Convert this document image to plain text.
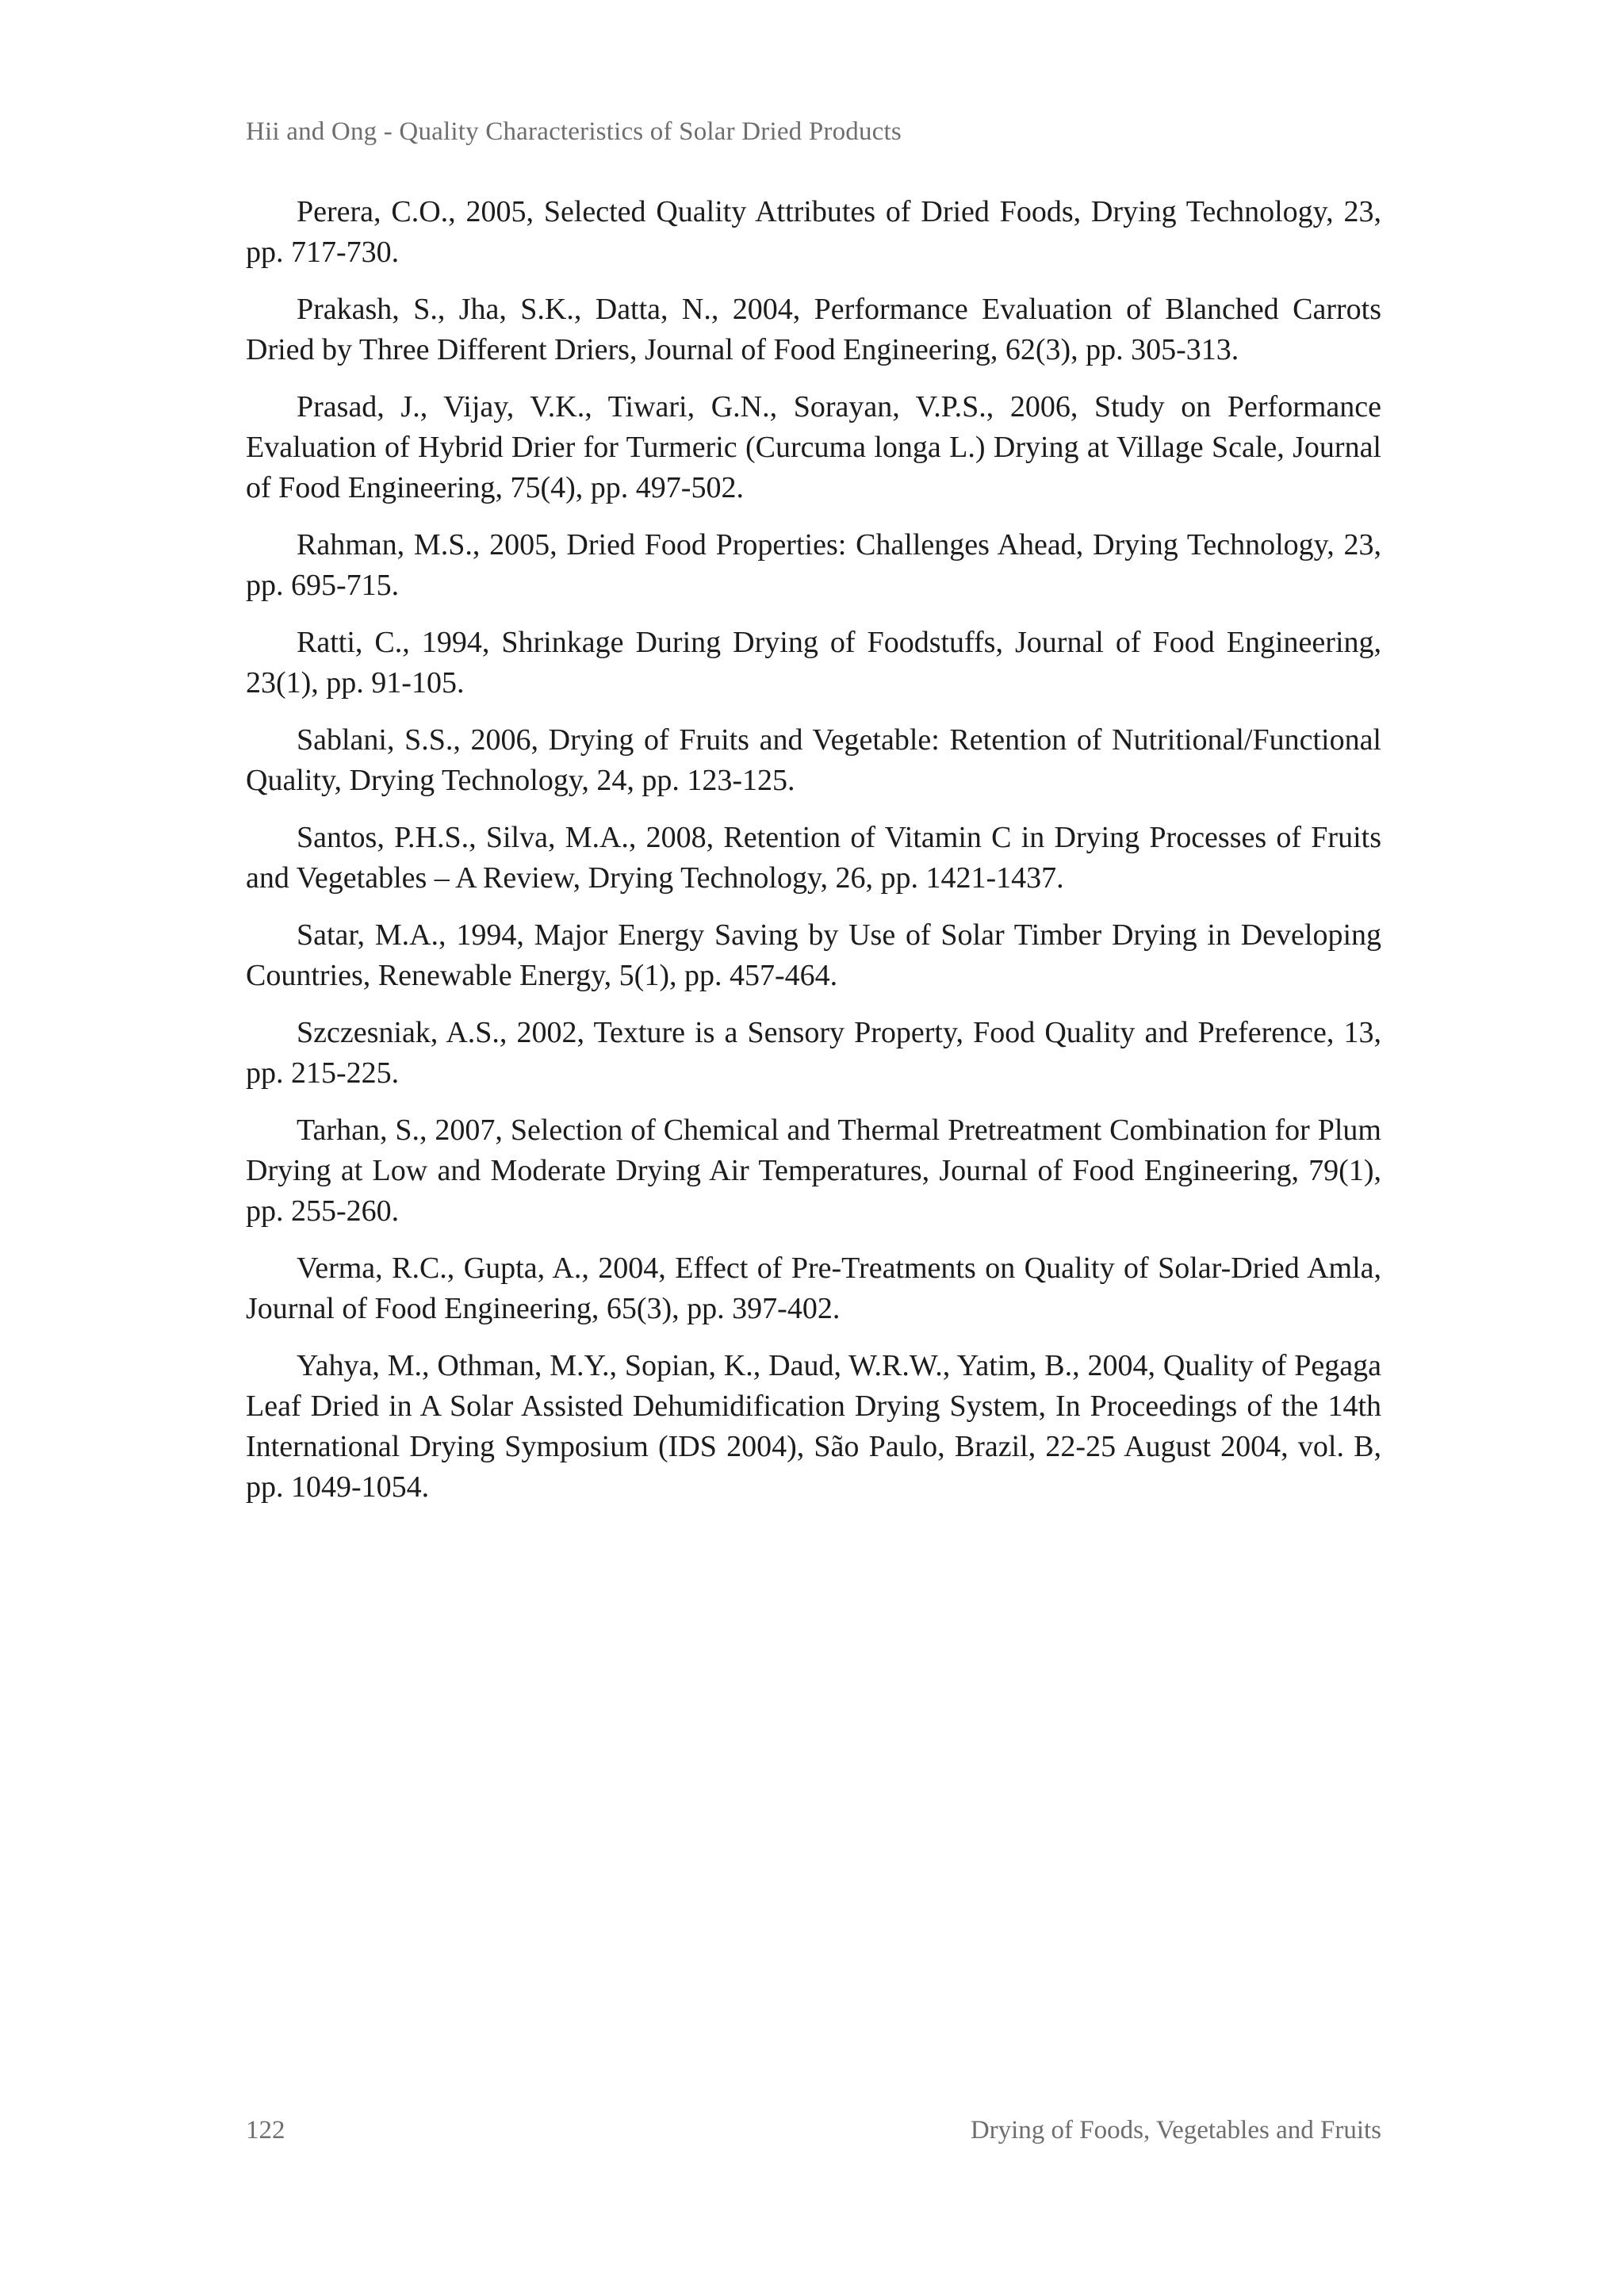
Hii and Ong - Quality Characteristics of Solar Dried Products

Perera, C.O., 2005, Selected Quality Attributes of Dried Foods, Drying Technology, 23, pp. 717-730.

Prakash, S., Jha, S.K., Datta, N., 2004, Performance Evaluation of Blanched Carrots Dried by Three Different Driers, Journal of Food Engineering, 62(3), pp. 305-313.

Prasad, J., Vijay, V.K., Tiwari, G.N., Sorayan, V.P.S., 2006, Study on Performance Evaluation of Hybrid Drier for Turmeric (Curcuma longa L.) Drying at Village Scale, Journal of Food Engineering, 75(4), pp. 497-502.

Rahman, M.S., 2005, Dried Food Properties: Challenges Ahead, Drying Technology, 23, pp. 695-715.

Ratti, C., 1994, Shrinkage During Drying of Foodstuffs, Journal of Food Engineering, 23(1), pp. 91-105.

Sablani, S.S., 2006, Drying of Fruits and Vegetable: Retention of Nutritional/Functional Quality, Drying Technology, 24, pp. 123-125.

Santos, P.H.S., Silva, M.A., 2008, Retention of Vitamin C in Drying Processes of Fruits and Vegetables – A Review, Drying Technology, 26, pp. 1421-1437.

Satar, M.A., 1994, Major Energy Saving by Use of Solar Timber Drying in Developing Countries, Renewable Energy, 5(1), pp. 457-464.

Szczesniak, A.S., 2002, Texture is a Sensory Property, Food Quality and Preference, 13, pp. 215-225.

Tarhan, S., 2007, Selection of Chemical and Thermal Pretreatment Combination for Plum Drying at Low and Moderate Drying Air Temperatures, Journal of Food Engineering, 79(1), pp. 255-260.

Verma, R.C., Gupta, A., 2004, Effect of Pre-Treatments on Quality of Solar-Dried Amla, Journal of Food Engineering, 65(3), pp. 397-402.

Yahya, M., Othman, M.Y., Sopian, K., Daud, W.R.W., Yatim, B., 2004, Quality of Pegaga Leaf Dried in A Solar Assisted Dehumidification Drying System, In Proceedings of the 14th International Drying Symposium (IDS 2004), São Paulo, Brazil, 22-25 August 2004, vol. B, pp. 1049-1054.

122	Drying of Foods, Vegetables and Fruits
